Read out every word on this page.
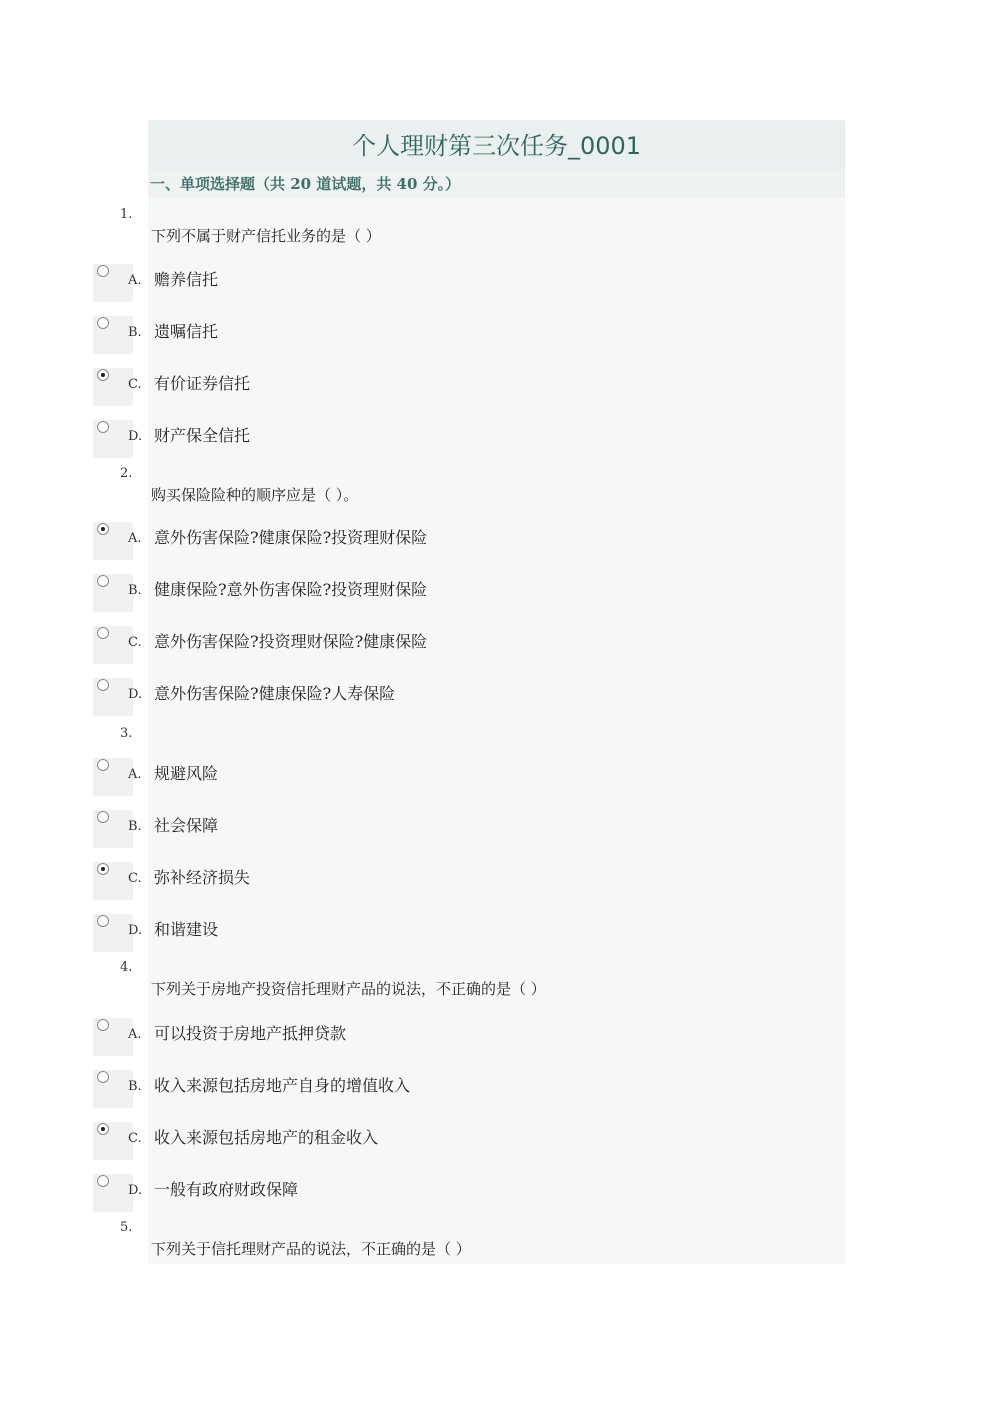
个人理财第三次任务_0001
一、单项选择题（共 20 道试题，共 40 分。）
1.
下列不属于财产信托业务的是（ ）
A. 赡养信托
B. 遗嘱信托
C. 有价证券信托
D. 财产保全信托
2.
购买保险险种的顺序应是（ ）。
A. 意外伤害保险?健康保险?投资理财保险
B. 健康保险?意外伤害保险?投资理财保险
C. 意外伤害保险?投资理财保险?健康保险
D. 意外伤害保险?健康保险?人寿保险
3.
A. 规避风险
B. 社会保障
C. 弥补经济损失
D. 和谐建设
4.
下列关于房地产投资信托理财产品的说法，不正确的是（ ）
A. 可以投资于房地产抵押贷款
B. 收入来源包括房地产自身的增值收入
C. 收入来源包括房地产的租金收入
D. 一般有政府财政保障
5.
下列关于信托理财产品的说法，不正确的是（ ）
